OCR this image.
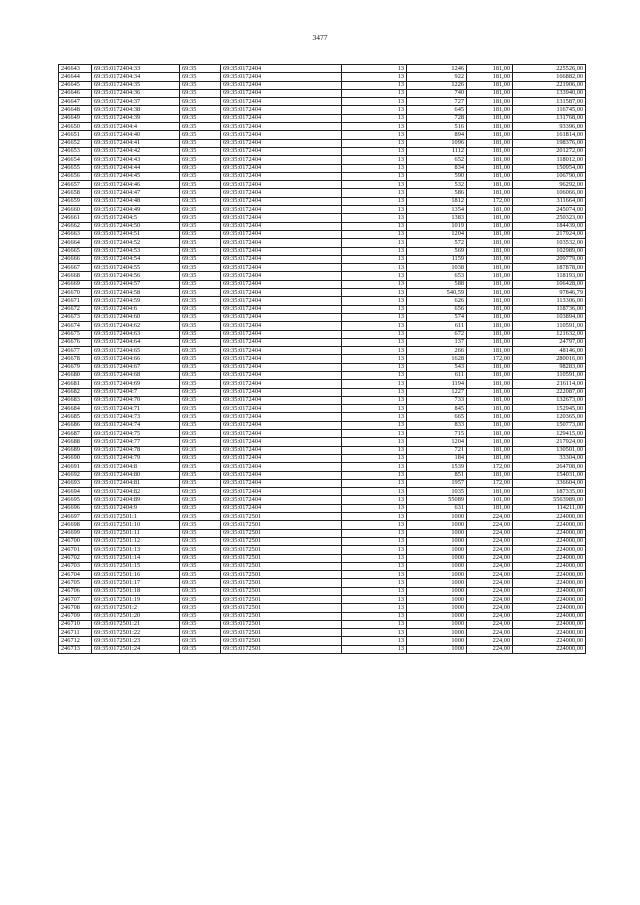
3477
246643	69:35:0172404:33	69:35	69:35:0172404	13	1246	181,00	225526,00
246644	69:35:0172404:34	69:35	69:35:0172404	13	922	181,00	166882,00
246645	69:35:0172404:35	69:35	69:35:0172404	13	1226	181,00	221906,00
246646	69:35:0172404:36	69:35	69:35:0172404	13	740	181,00	133940,00
246647	69:35:0172404:37	69:35	69:35:0172404	13	727	181,00	131587,00
246648	69:35:0172404:38	69:35	69:35:0172404	13	645	181,00	116745,00
246649	69:35:0172404:39	69:35	69:35:0172404	13	728	181,00	131768,00
246650	69:35:0172404:4	69:35	69:35:0172404	13	516	181,00	93396,00
246651	69:35:0172404:40	69:35	69:35:0172404	13	894	181,00	161814,00
246652	69:35:0172404:41	69:35	69:35:0172404	13	1096	181,00	198376,00
246653	69:35:0172404:42	69:35	69:35:0172404	13	1112	181,00	201272,00
246654	69:35:0172404:43	69:35	69:35:0172404	13	652	181,00	118012,00
246655	69:35:0172404:44	69:35	69:35:0172404	13	834	181,00	150954,00
246656	69:35:0172404:45	69:35	69:35:0172404	13	590	181,00	106790,00
246657	69:35:0172404:46	69:35	69:35:0172404	13	532	181,00	96292,00
246658	69:35:0172404:47	69:35	69:35:0172404	13	586	181,00	106066,00
246659	69:35:0172404:48	69:35	69:35:0172404	13	1812	172,00	311664,00
246660	69:35:0172404:49	69:35	69:35:0172404	13	1354	181,00	245074,00
246661	69:35:0172404:5	69:35	69:35:0172404	13	1383	181,00	250323,00
246662	69:35:0172404:50	69:35	69:35:0172404	13	1019	181,00	184439,00
246663	69:35:0172404:51	69:35	69:35:0172404	13	1204	181,00	217924,00
246664	69:35:0172404:52	69:35	69:35:0172404	13	572	181,00	103532,00
246665	69:35:0172404:53	69:35	69:35:0172404	13	569	181,00	102989,00
246666	69:35:0172404:54	69:35	69:35:0172404	13	1159	181,00	209779,00
246667	69:35:0172404:55	69:35	69:35:0172404	13	1038	181,00	187878,00
246668	69:35:0172404:56	69:35	69:35:0172404	13	653	181,00	118193,00
246669	69:35:0172404:57	69:35	69:35:0172404	13	588	181,00	106428,00
246670	69:35:0172404:58	69:35	69:35:0172404	13	540,59	181,00	97846,79
246671	69:35:0172404:59	69:35	69:35:0172404	13	626	181,00	113306,00
246672	69:35:0172404:6	69:35	69:35:0172404	13	656	181,00	118736,00
246673	69:35:0172404:60	69:35	69:35:0172404	13	574	181,00	103894,00
246674	69:35:0172404:62	69:35	69:35:0172404	13	611	181,00	110591,00
246675	69:35:0172404:63	69:35	69:35:0172404	13	672	181,00	121632,00
246676	69:35:0172404:64	69:35	69:35:0172404	13	137	181,00	24797,00
246677	69:35:0172404:65	69:35	69:35:0172404	13	266	181,00	48146,00
246678	69:35:0172404:66	69:35	69:35:0172404	13	1628	172,00	280016,00
246679	69:35:0172404:67	69:35	69:35:0172404	13	543	181,00	98283,00
246680	69:35:0172404:68	69:35	69:35:0172404	13	611	181,00	110591,00
246681	69:35:0172404:69	69:35	69:35:0172404	13	1194	181,00	216114,00
246682	69:35:0172404:7	69:35	69:35:0172404	13	1227	181,00	222087,00
246683	69:35:0172404:70	69:35	69:35:0172404	13	733	181,00	132673,00
246684	69:35:0172404:71	69:35	69:35:0172404	13	845	181,00	152945,00
246685	69:35:0172404:73	69:35	69:35:0172404	13	665	181,00	120365,00
246686	69:35:0172404:74	69:35	69:35:0172404	13	833	181,00	150773,00
246687	69:35:0172404:75	69:35	69:35:0172404	13	715	181,00	129415,00
246688	69:35:0172404:77	69:35	69:35:0172404	13	1204	181,00	217924,00
246689	69:35:0172404:78	69:35	69:35:0172404	13	721	181,00	130501,00
246690	69:35:0172404:79	69:35	69:35:0172404	13	184	181,00	33304,00
246691	69:35:0172404:8	69:35	69:35:0172404	13	1539	172,00	264708,00
246692	69:35:0172404:80	69:35	69:35:0172404	13	851	181,00	154031,00
246693	69:35:0172404:81	69:35	69:35:0172404	13	1957	172,00	336604,00
246694	69:35:0172404:82	69:35	69:35:0172404	13	1035	181,00	187335,00
246695	69:35:0172404:89	69:35	69:35:0172404	13	55089	101,00	5563989,00
246696	69:35:0172404:9	69:35	69:35:0172404	13	631	181,00	114211,00
246697	69:35:0172501:1	69:35	69:35:0172501	13	1000	224,00	224000,00
246698	69:35:0172501:10	69:35	69:35:0172501	13	1000	224,00	224000,00
246699	69:35:0172501:11	69:35	69:35:0172501	13	1000	224,00	224000,00
246700	69:35:0172501:12	69:35	69:35:0172501	13	1000	224,00	224000,00
246701	69:35:0172501:13	69:35	69:35:0172501	13	1000	224,00	224000,00
246702	69:35:0172501:14	69:35	69:35:0172501	13	1000	224,00	224000,00
246703	69:35:0172501:15	69:35	69:35:0172501	13	1000	224,00	224000,00
246704	69:35:0172501:16	69:35	69:35:0172501	13	1000	224,00	224000,00
246705	69:35:0172501:17	69:35	69:35:0172501	13	1000	224,00	224000,00
246706	69:35:0172501:18	69:35	69:35:0172501	13	1000	224,00	224000,00
246707	69:35:0172501:19	69:35	69:35:0172501	13	1000	224,00	224000,00
246708	69:35:0172501:2	69:35	69:35:0172501	13	1000	224,00	224000,00
246709	69:35:0172501:20	69:35	69:35:0172501	13	1000	224,00	224000,00
246710	69:35:0172501:21	69:35	69:35:0172501	13	1000	224,00	224000,00
246711	69:35:0172501:22	69:35	69:35:0172501	13	1000	224,00	224000,00
246712	69:35:0172501:23	69:35	69:35:0172501	13	1000	224,00	224000,00
246713	69:35:0172501:24	69:35	69:35:0172501	13	1000	224,00	224000,00
